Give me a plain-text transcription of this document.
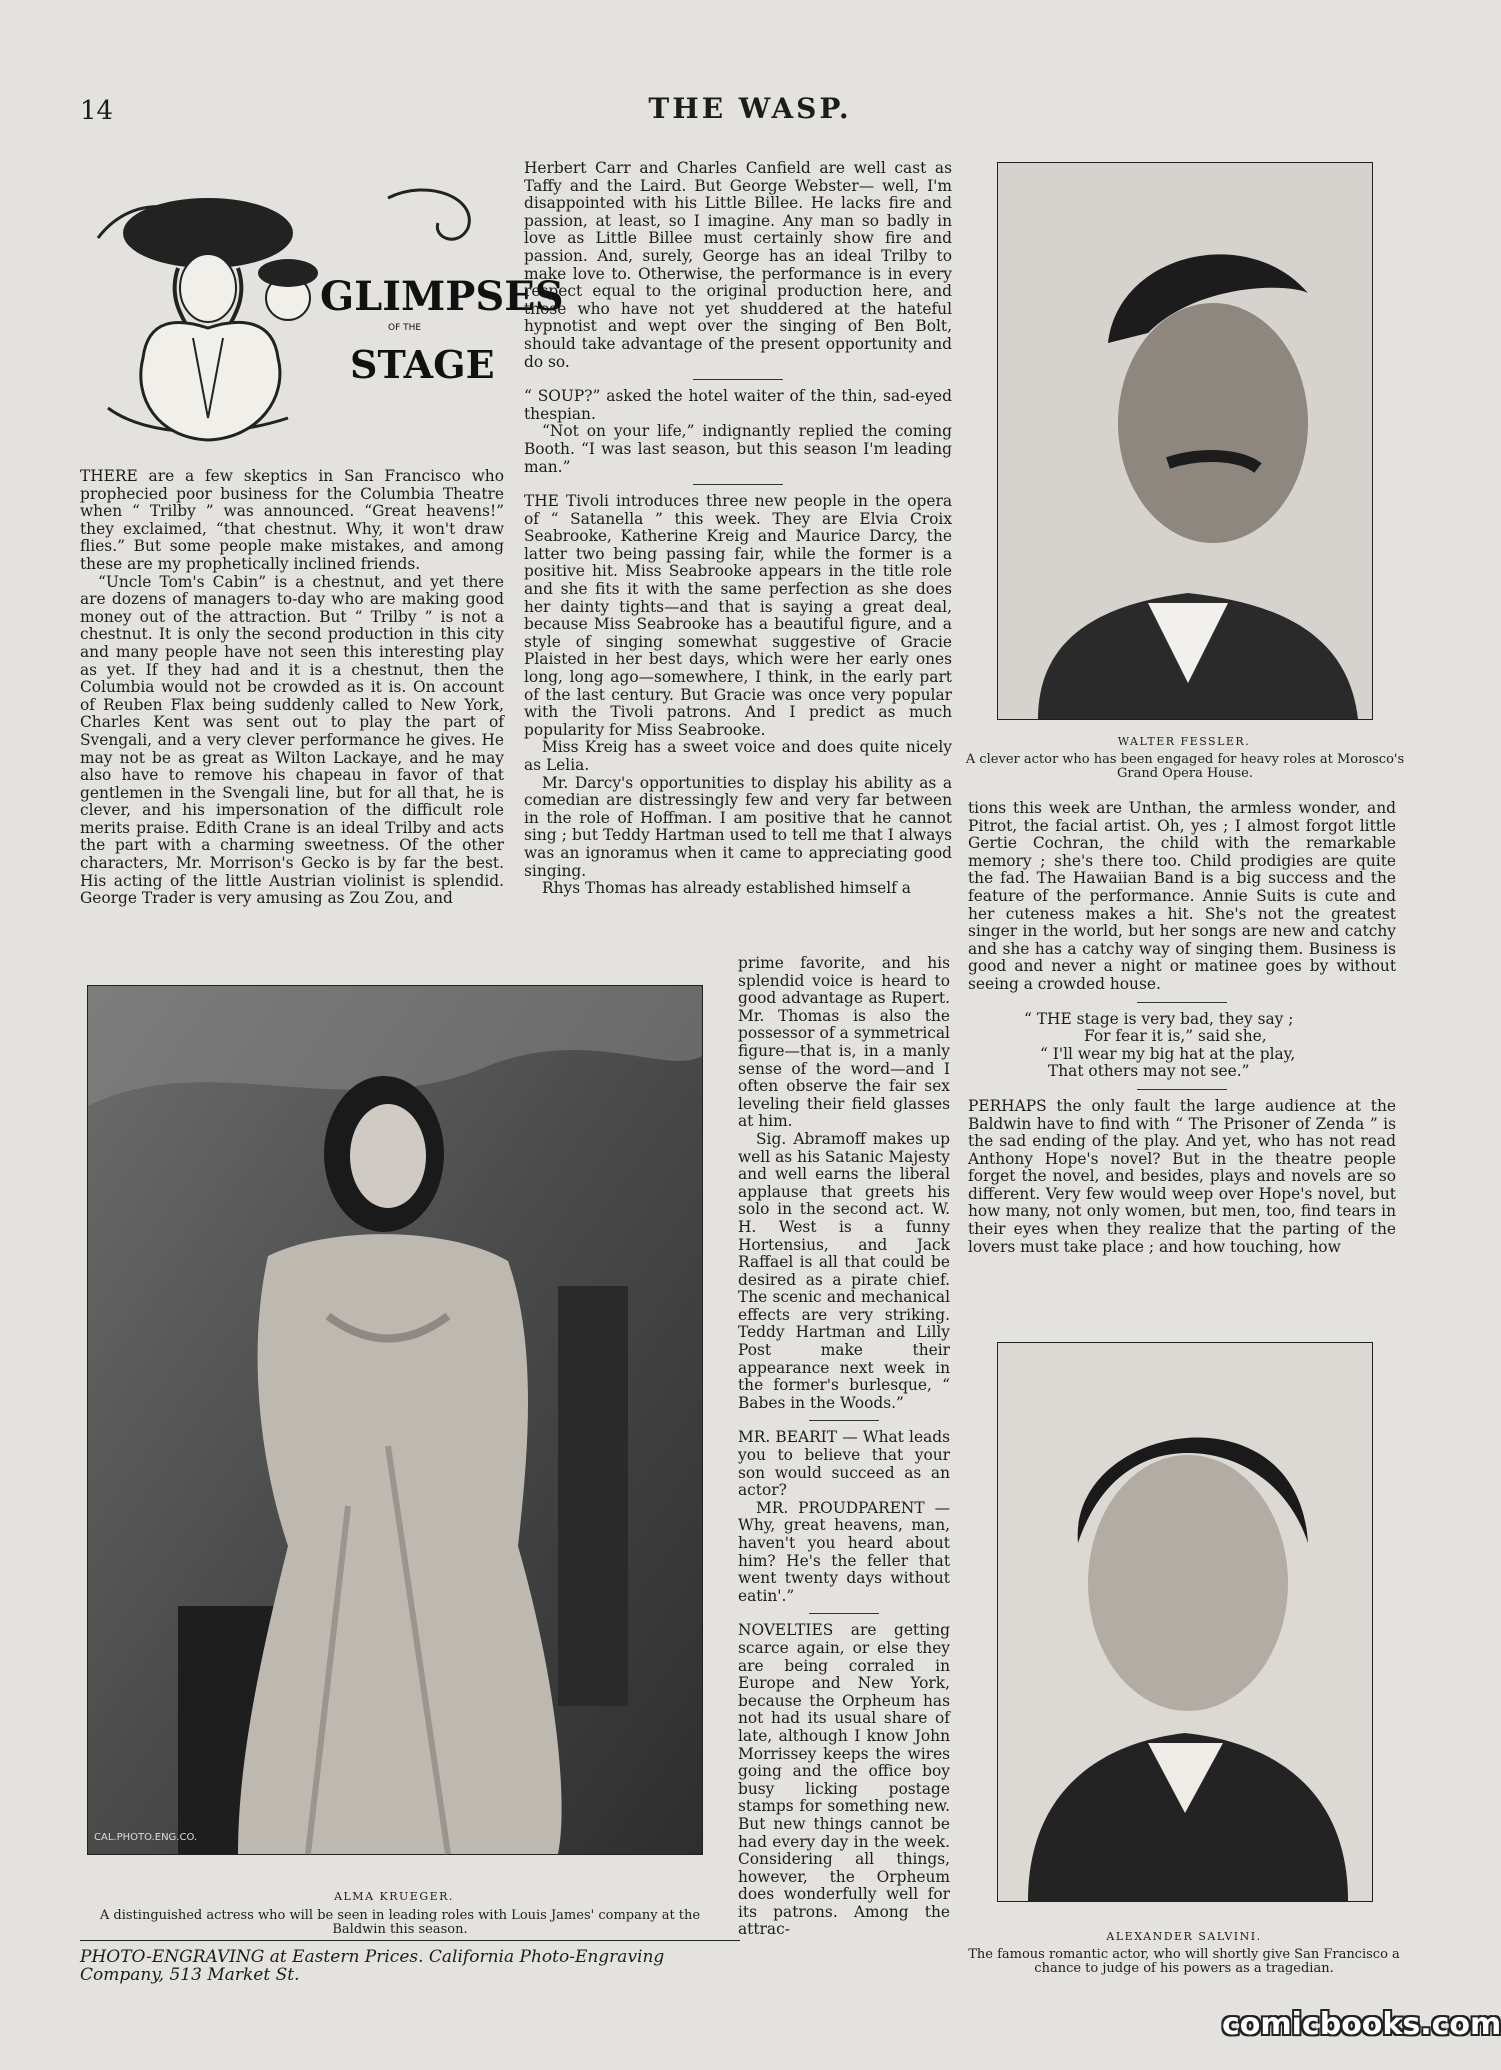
14	THE WASP.
GLIMPSES
OF THE
STAGE

THERE are a few skeptics in San Francisco who prophecied poor business for the Columbia Theatre when “ Trilby ” was announced. “Great heavens!” they exclaimed, “that chestnut. Why, it won't draw flies.” But some people make mistakes, and among these are my prophetically inclined friends.

“Uncle Tom's Cabin” is a chestnut, and yet there are dozens of managers to-day who are making good money out of the attraction. But “ Trilby ” is not a chestnut. It is only the second production in this city and many people have not seen this interesting play as yet. If they had and it is a chestnut, then the Columbia would not be crowded as it is. On account of Reuben Flax being suddenly called to New York, Charles Kent was sent out to play the part of Svengali, and a very clever performance he gives. He may not be as great as Wilton Lackaye, and he may also have to remove his chapeau in favor of that gentlemen in the Svengali line, but for all that, he is clever, and his impersonation of the difficult role merits praise. Edith Crane is an ideal Trilby and acts the part with a charming sweetness. Of the other characters, Mr. Morrison's Gecko is by far the best. His acting of the little Austrian violinist is splendid. George Trader is very amusing as Zou Zou, and

Herbert Carr and Charles Canfield are well cast as Taffy and the Laird. But George Webster— well, I'm disappointed with his Little Billee. He lacks fire and passion, at least, so I imagine. Any man so badly in love as Little Billee must certainly show fire and passion. And, surely, George has an ideal Trilby to make love to. Otherwise, the performance is in every respect equal to the original production here, and those who have not yet shuddered at the hateful hypnotist and wept over the singing of Ben Bolt, should take advantage of the present opportunity and do so.

“ SOUP?” asked the hotel waiter of the thin, sad-eyed thespian.

“Not on your life,” indignantly replied the coming Booth. “I was last season, but this season I'm leading man.”

THE Tivoli introduces three new people in the opera of “ Satanella ” this week. They are Elvia Croix Seabrooke, Katherine Kreig and Maurice Darcy, the latter two being passing fair, while the former is a positive hit. Miss Seabrooke appears in the title role and she fits it with the same perfection as she does her dainty tights—and that is saying a great deal, because Miss Seabrooke has a beautiful figure, and a style of singing somewhat suggestive of Gracie Plaisted in her best days, which were her early ones long, long ago—somewhere, I think, in the early part of the last century. But Gracie was once very popular with the Tivoli patrons. And I predict as much popularity for Miss Seabrooke.

Miss Kreig has a sweet voice and does quite nicely as Lelia.

Mr. Darcy's opportunities to display his ability as a comedian are distressingly few and very far between in the role of Hoffman. I am positive that he cannot sing ; but Teddy Hartman used to tell me that I always was an ignoramus when it came to appreciating good singing.

Rhys Thomas has already established himself a

CAL.PHOTO.ENG.CO.
ALMA KRUEGER.
A distinguished actress who will be seen in leading roles with Louis James' company at the Baldwin this season.

prime favorite, and his splendid voice is heard to good advantage as Rupert. Mr. Thomas is also the possessor of a symmetrical figure—that is, in a manly sense of the word—and I often observe the fair sex leveling their field glasses at him.

Sig. Abramoff makes up well as his Satanic Majesty and well earns the liberal applause that greets his solo in the second act. W. H. West is a funny Hortensius, and Jack Raffael is all that could be desired as a pirate chief. The scenic and mechanical effects are very striking. Teddy Hartman and Lilly Post make their appearance next week in the former's burlesque, “ Babes in the Woods.”

MR. BEARIT — What leads you to believe that your son would succeed as an actor?

MR. PROUDPARENT — Why, great heavens, man, haven't you heard about him? He's the feller that went twenty days without eatin'.”

NOVELTIES are getting scarce again, or else they are being corraled in Europe and New York, because the Orpheum has not had its usual share of late, although I know John Morrissey keeps the wires going and the office boy busy licking postage stamps for something new. But new things cannot be had every day in the week. Considering all things, however, the Orpheum does wonderfully well for its patrons. Among the attrac-

WALTER FESSLER.
A clever actor who has been engaged for heavy roles at Morosco's Grand Opera House.

tions this week are Unthan, the armless wonder, and Pitrot, the facial artist. Oh, yes ; I almost forgot little Gertie Cochran, the child with the remarkable memory ; she's there too. Child prodigies are quite the fad. The Hawaiian Band is a big success and the feature of the performance. Annie Suits is cute and her cuteness makes a hit. She's not the greatest singer in the world, but her songs are new and catchy and she has a catchy way of singing them. Business is good and never a night or matinee goes by without seeing a crowded house.

“ THE stage is very bad, they say ;
For fear it is,” said she,
“ I'll wear my big hat at the play,
That others may not see.”

PERHAPS the only fault the large audience at the Baldwin have to find with “ The Prisoner of Zenda ” is the sad ending of the play. And yet, who has not read Anthony Hope's novel? But in the theatre people forget the novel, and besides, plays and novels are so different. Very few would weep over Hope's novel, but how many, not only women, but men, too, find tears in their eyes when they realize that the parting of the lovers must take place ; and how touching, how

ALEXANDER SALVINI.
The famous romantic actor, who will shortly give San Francisco a chance to judge of his powers as a tragedian.
PHOTO-ENGRAVING at Eastern Prices. California Photo-Engraving Company, 513 Market St.
comicbooks.com
